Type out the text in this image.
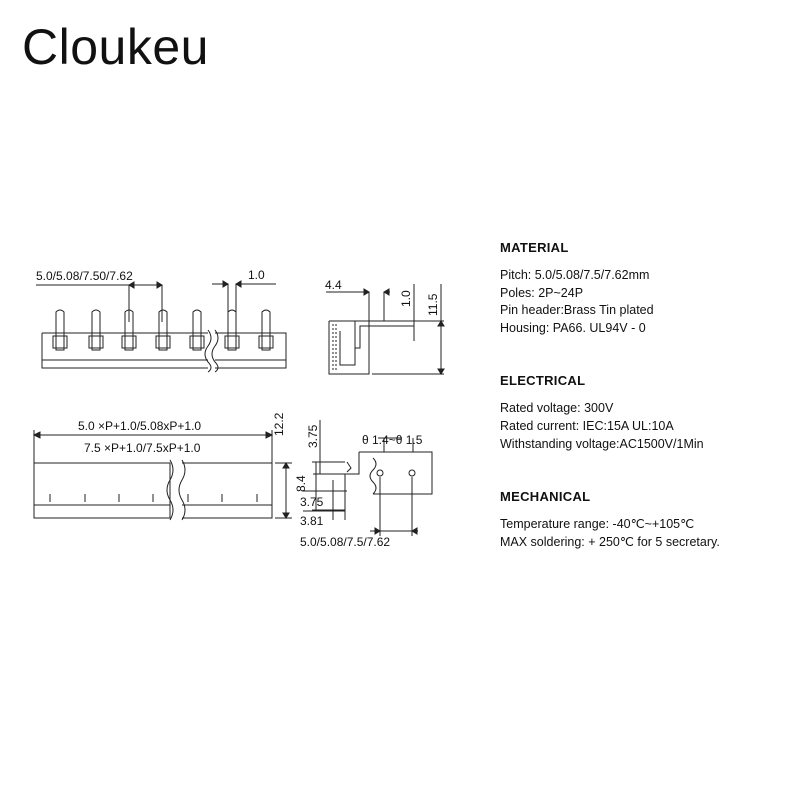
Cloukeu
5.0/5.08/7.50/7.62	1.0
4.4
1.0 11.5
5.0 ×P+1.0/5.08xP+1.0
7.5 ×P+1.0/7.5xP+1.0
12.2
3.75
8.4
3.75
3.81
θ 1.4~θ 1.5
5.0/5.08/7.5/7.62
MATERIAL
Pitch: 5.0/5.08/7.5/7.62mm
Poles: 2P~24P
Pin header:Brass Tin plated
Housing: PA66. UL94V - 0
ELECTRICAL
Rated voltage: 300V
Rated current: IEC:15A UL:10A
Withstanding voltage:AC1500V/1Min
MECHANICAL
Temperature range: -40℃~+105℃
MAX soldering: + 250℃ for 5 secretary.
